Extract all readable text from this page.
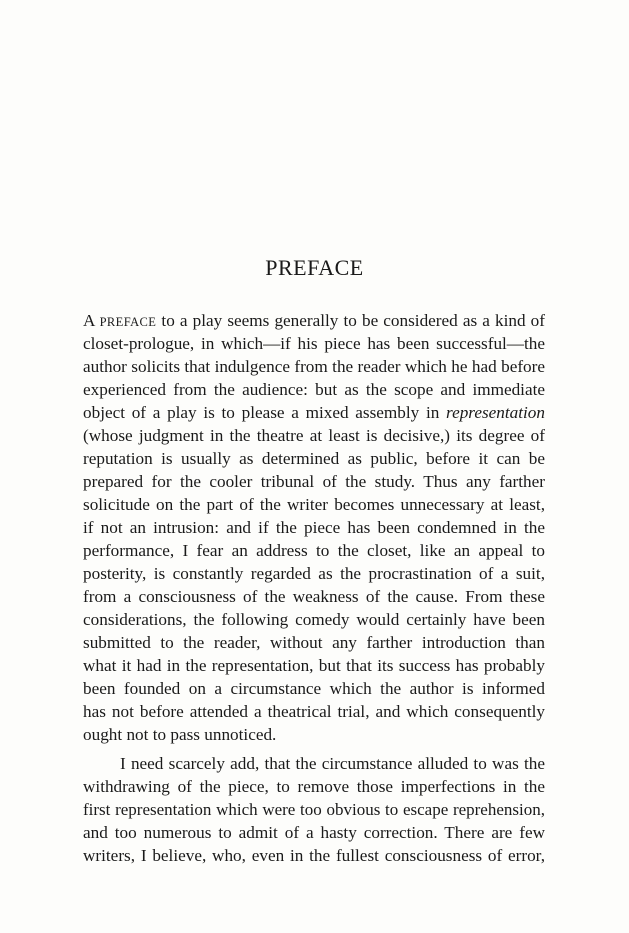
PREFACE
A PREFACE to a play seems generally to be considered as a kind of
closet-prologue, in which—if his piece has been successful—the
author solicits that indulgence from the reader which he had before
experienced from the audience: but as the scope and immediate
object of a play is to please a mixed assembly in representation
(whose judgment in the theatre at least is decisive,) its degree of
reputation is usually as determined as public, before it can be
prepared for the cooler tribunal of the study. Thus any farther
solicitude on the part of the writer becomes unnecessary at least,
if not an intrusion: and if the piece has been condemned in the
performance, I fear an address to the closet, like an appeal to
posterity, is constantly regarded as the procrastination of a suit,
from a consciousness of the weakness of the cause. From these
considerations, the following comedy would certainly have been
submitted to the reader, without any farther introduction than
what it had in the representation, but that its success has probably
been founded on a circumstance which the author is informed
has not before attended a theatrical trial, and which consequently
ought not to pass unnoticed.
I need scarcely add, that the circumstance alluded to was the
withdrawing of the piece, to remove those imperfections in the
first representation which were too obvious to escape reprehension,
and too numerous to admit of a hasty correction. There are few
writers, I believe, who, even in the fullest consciousness of error,
